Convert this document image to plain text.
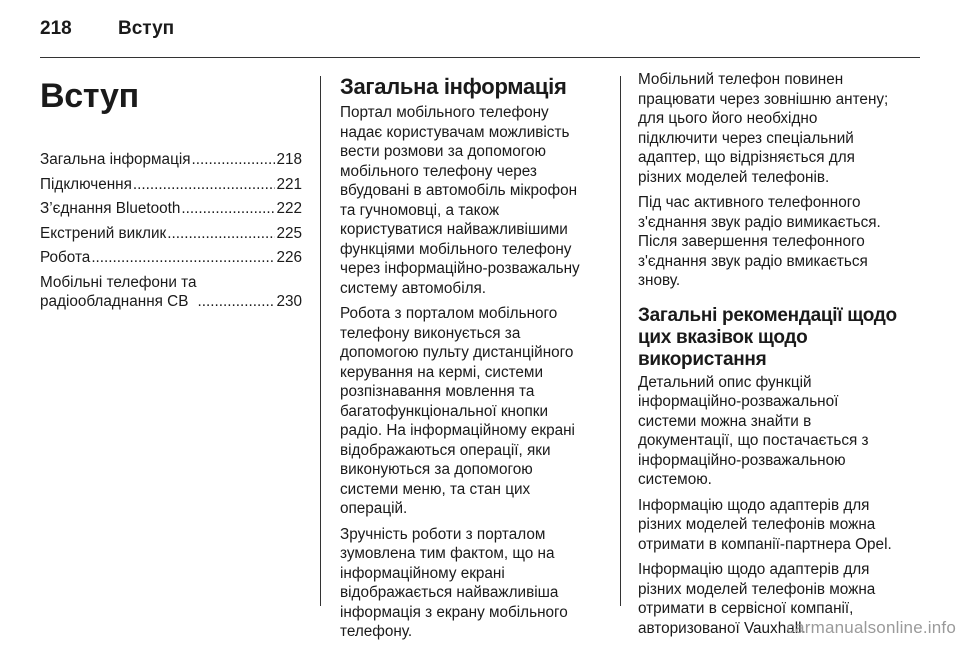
218	Вступ
Вступ
Загальна інформація .....	218
Підключення .....	221
З’єднання Bluetooth .....	222
Екстрений виклик .....	225
Робота .....	226
Мобільні телефони та
радіообладнання CB .....	230
Загальна інформація

Портал мобільного телефону
надає користувачам можливість
вести розмови за допомогою
мобільного телефону через
вбудовані в автомобіль мікрофон
та гучномовці, а також
користуватися найважливішими
функціями мобільного телефону
через інформаційно-розважальну
систему автомобіля.

Робота з порталом мобільного
телефону виконується за
допомогою пульту дистанційного
керування на кермі, системи
розпізнавання мовлення та
багатофункціональної кнопки
радіо. На інформаційному екрані
відображаються операції, яки
виконуються за допомогою
системи меню, та стан цих
операцій.

Зручність роботи з порталом
зумовлена тим фактом, що на
інформаційному екрані
відображається найважливіша
інформація з екрану мобільного
телефону.

Мобільний телефон повинен
працювати через зовнішню антену;
для цього його необхідно
підключити через спеціальний
адаптер, що відрізняється для
різних моделей телефонів.

Під час активного телефонного
з'єднання звук радіо вимикається.
Після завершення телефонного
з'єднання звук радіо вмикається
знову.

Загальні рекомендації щодо
цих вказівок щодо
використання

Детальний опис функцій
інформаційно-розважальної
системи можна знайти в
документації, що постачається з
інформаційно-розважальною
системою.

Інформацію щодо адаптерів для
різних моделей телефонів можна
отримати в компанії-партнера Opel.

Інформацію щодо адаптерів для
різних моделей телефонів можна
отримати в сервісної компанії,
авторизованої Vauxhall.

carmanualsonline.info
